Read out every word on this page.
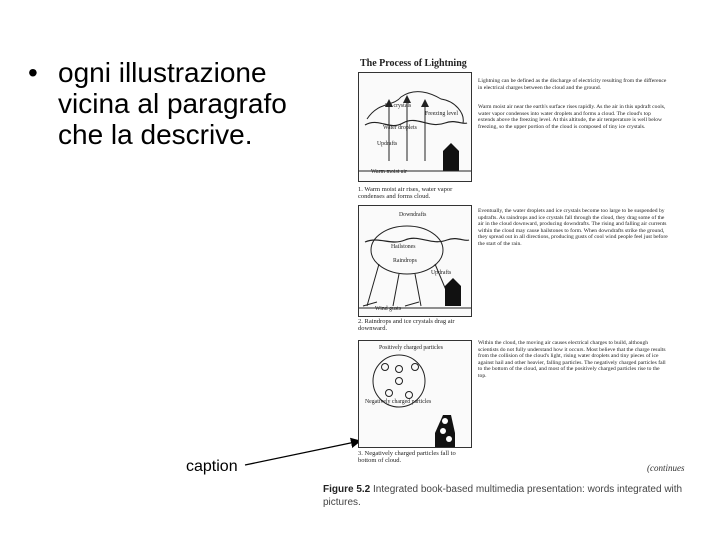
• ogni illustrazione vicina al paragrafo che la descrive.
caption
The Process of Lightning
Ice crystals
Freezing level
Water droplets
Updrafts
Warm moist air
1. Warm moist air rises, water vapor condenses and forms cloud.
Lightning can be defined as the discharge of electricity resulting from the difference in electrical charges between the cloud and the ground.
Warm moist air near the earth's surface rises rapidly. As the air in this updraft cools, water vapor condenses into water droplets and forms a cloud. The cloud's top extends above the freezing level. At this altitude, the air temperature is well below freezing, so the upper portion of the cloud is composed of tiny ice crystals.
Downdrafts
Hailstones
Raindrops
Updrafts
Wind gusts
2. Raindrops and ice crystals drag air downward.
Eventually, the water droplets and ice crystals become too large to be suspended by updrafts. As raindrops and ice crystals fall through the cloud, they drag some of the air in the cloud downward, producing downdrafts. The rising and falling air currents within the cloud may cause hailstones to form. When downdrafts strike the ground, they spread out in all directions, producing gusts of cool wind people feel just before the start of the rain.
Positively charged particles
Negatively charged particles
3. Negatively charged particles fall to bottom of cloud.
Within the cloud, the moving air causes electrical charges to build, although scientists do not fully understand how it occurs. Most believe that the charge results from the collision of the cloud's light, rising water droplets and tiny pieces of ice against hail and other heavier, falling particles. The negatively charged particles fall to the bottom of the cloud, and most of the positively charged particles rise to the top.
(continues
Figure 5.2 Integrated book-based multimedia presentation: words integrated with pictures.
